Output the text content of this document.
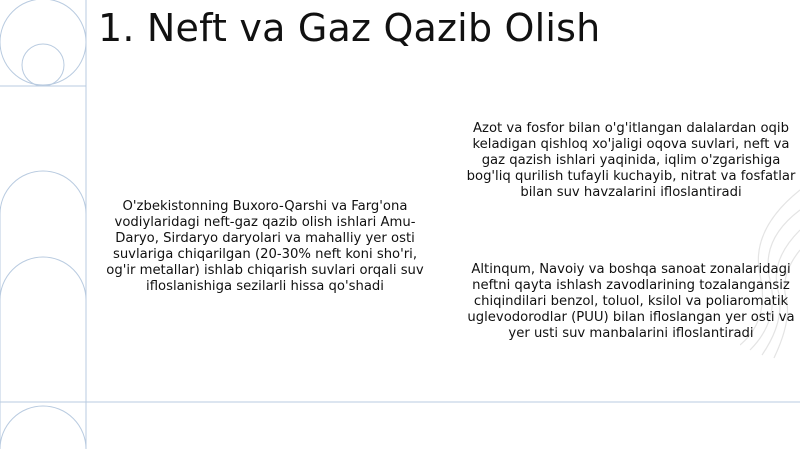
1. Neft va Gaz Qazib Olish

O'zbekistonning Buxoro-Qarshi va Farg'ona vodiylaridagi neft-gaz qazib olish ishlari Amu-Daryo, Sirdaryo daryolari va mahalliy yer osti suvlariga chiqarilgan (20-30% neft koni sho'ri, og'ir metallar) ishlab chiqarish suvlari orqali suv ifloslanishiga sezilarli hissa qo'shadi

Azot va fosfor bilan o'g'itlangan dalalardan oqib keladigan qishloq xo'jaligi oqova suvlari, neft va gaz qazish ishlari yaqinida, iqlim o'zgarishiga bog'liq qurilish tufayli kuchayib, nitrat va fosfatlar bilan suv havzalarini ifloslantiradi

Altinqum, Navoiy va boshqa sanoat zonalaridagi neftni qayta ishlash zavodlarining tozalangansiz chiqindilari benzol, toluol, ksilol va poliaromatik uglevodorodlar (PUU) bilan ifloslangan yer osti va yer usti suv manbalarini ifloslantiradi
